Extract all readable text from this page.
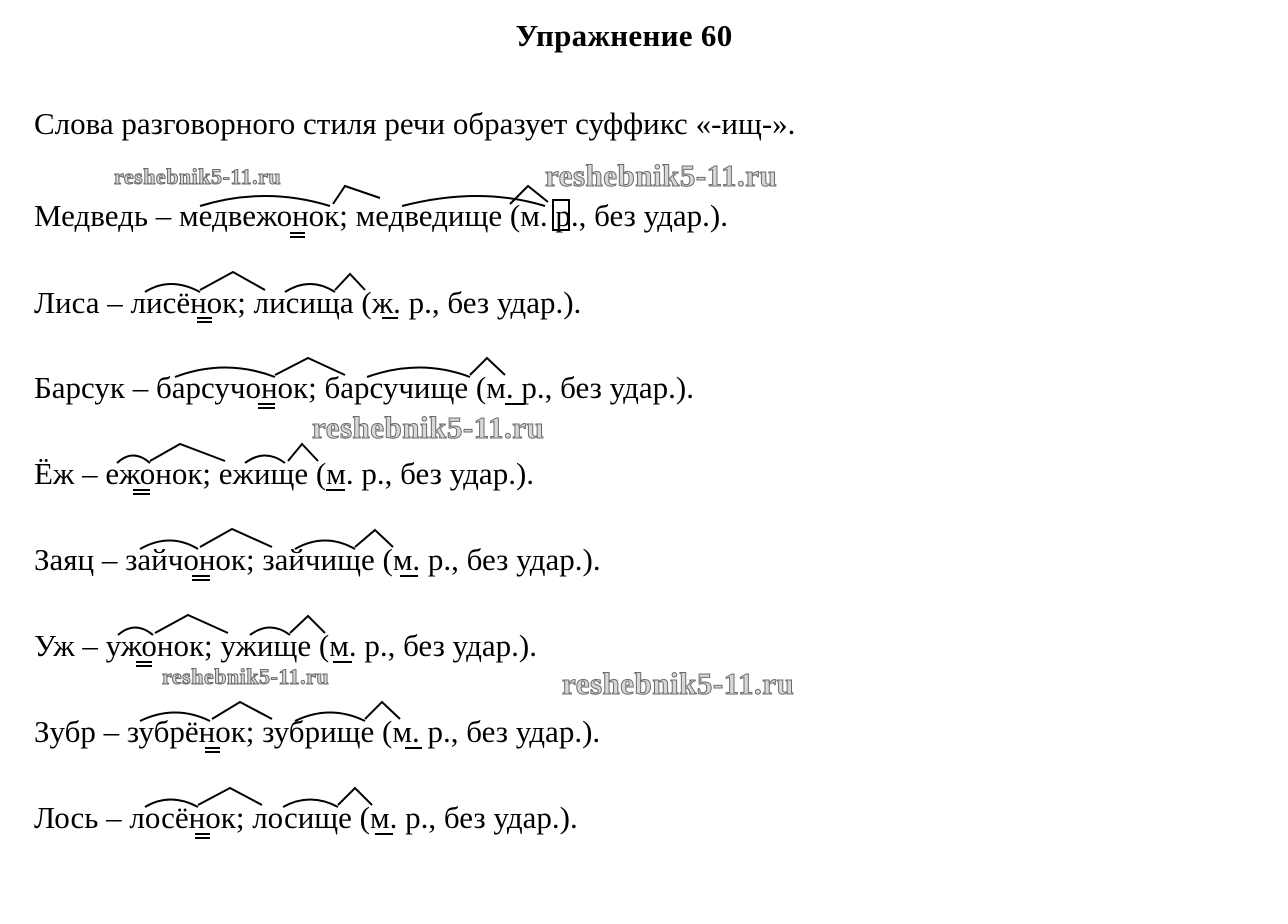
Упражнение 60
Слова разговорного стиля речи образует суффикс «-ищ-».
Медведь – медвежонок; медведище (м. р., без удар.).
Лиса – лисёнок; лисища (ж. р., без удар.).
Барсук – барсучонок; барсучище (м. р., без удар.).
Ёж – ежонок; ежище (м. р., без удар.).
Заяц – зайчонок; зайчище (м. р., без удар.).
Уж – ужонок; ужище (м. р., без удар.).
Зубр – зубрёнок; зубрище (м. р., без удар.).
Лось – лосёнок; лосище (м. р., без удар.).
reshebnik5-11.ru	reshebnik5-11.ru
reshebnik5-11.ru
reshebnik5-11.ru	reshebnik5-11.ru
